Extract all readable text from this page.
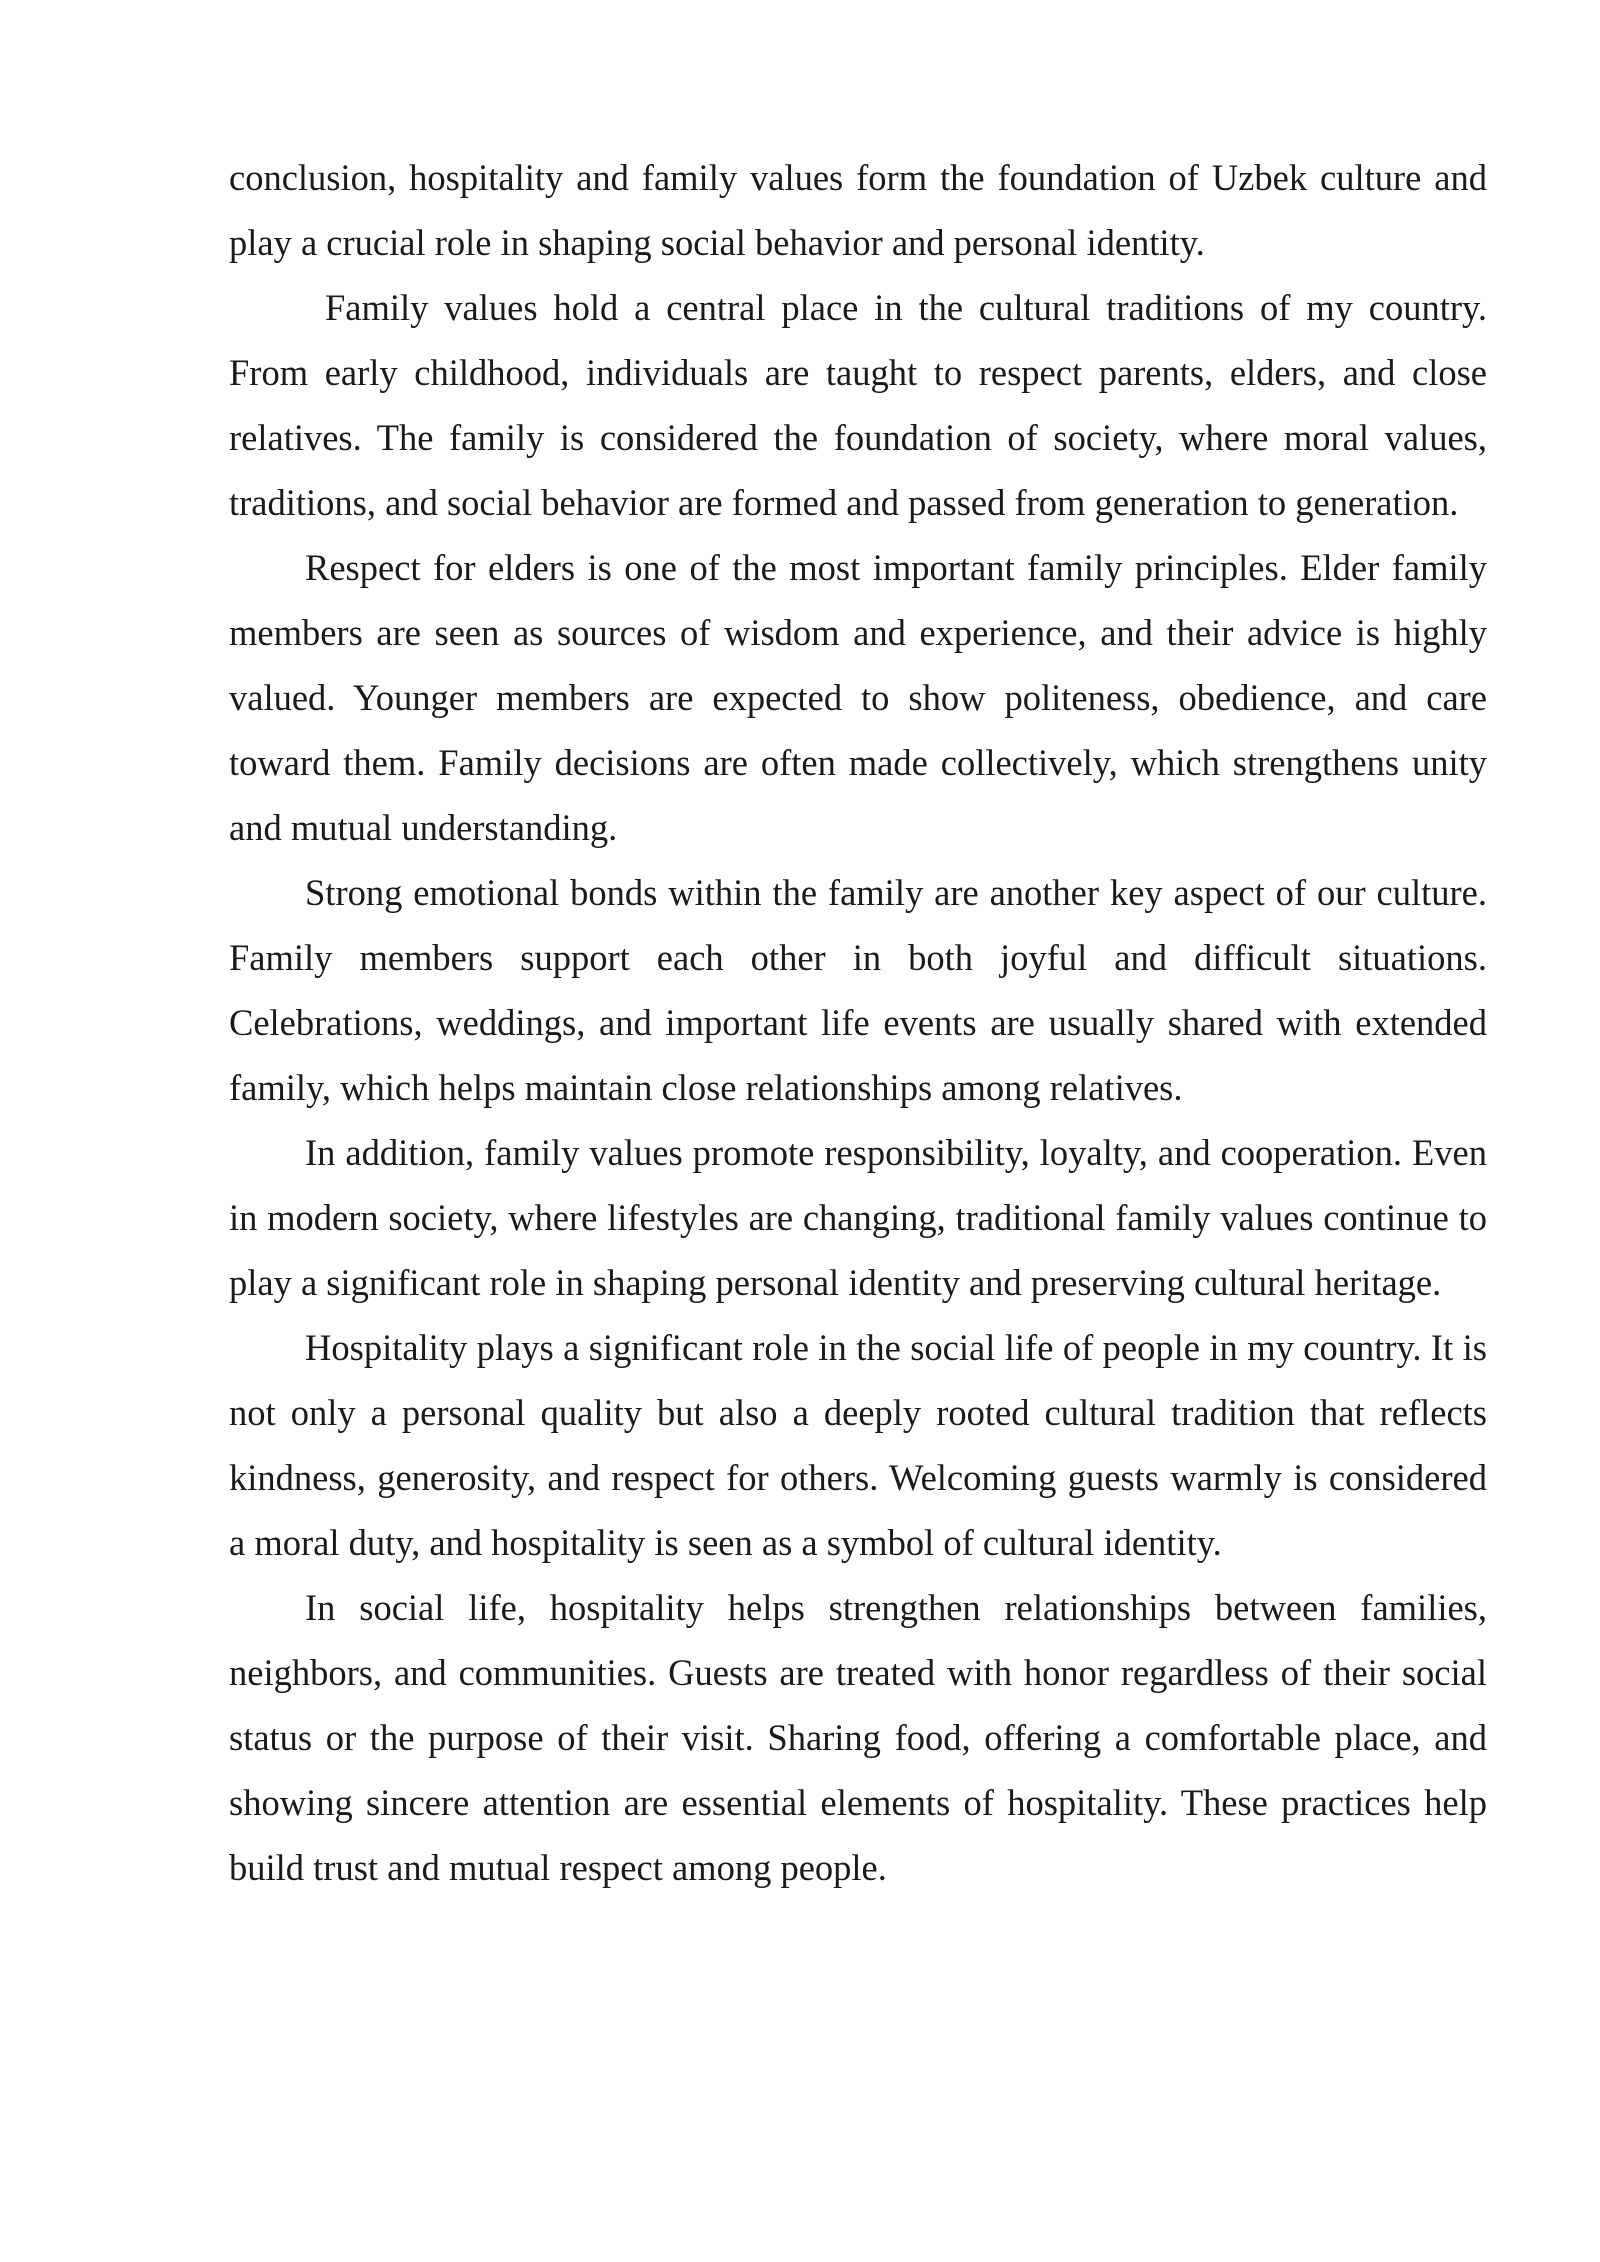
conclusion, hospitality and family values form the foundation of Uzbek culture and play a crucial role in shaping social behavior and personal identity.

Family values hold a central place in the cultural traditions of my country. From early childhood, individuals are taught to respect parents, elders, and close relatives. The family is considered the foundation of society, where moral values, traditions, and social behavior are formed and passed from generation to generation.

Respect for elders is one of the most important family principles. Elder family members are seen as sources of wisdom and experience, and their advice is highly valued. Younger members are expected to show politeness, obedience, and care toward them. Family decisions are often made collectively, which strengthens unity and mutual understanding.

Strong emotional bonds within the family are another key aspect of our culture. Family members support each other in both joyful and difficult situations. Celebrations, weddings, and important life events are usually shared with extended family, which helps maintain close relationships among relatives.

In addition, family values promote responsibility, loyalty, and cooperation. Even in modern society, where lifestyles are changing, traditional family values continue to play a significant role in shaping personal identity and preserving cultural heritage.

Hospitality plays a significant role in the social life of people in my country. It is not only a personal quality but also a deeply rooted cultural tradition that reflects kindness, generosity, and respect for others. Welcoming guests warmly is considered a moral duty, and hospitality is seen as a symbol of cultural identity.

In social life, hospitality helps strengthen relationships between families, neighbors, and communities. Guests are treated with honor regardless of their social status or the purpose of their visit. Sharing food, offering a comfortable place, and showing sincere attention are essential elements of hospitality. These practices help build trust and mutual respect among people.
